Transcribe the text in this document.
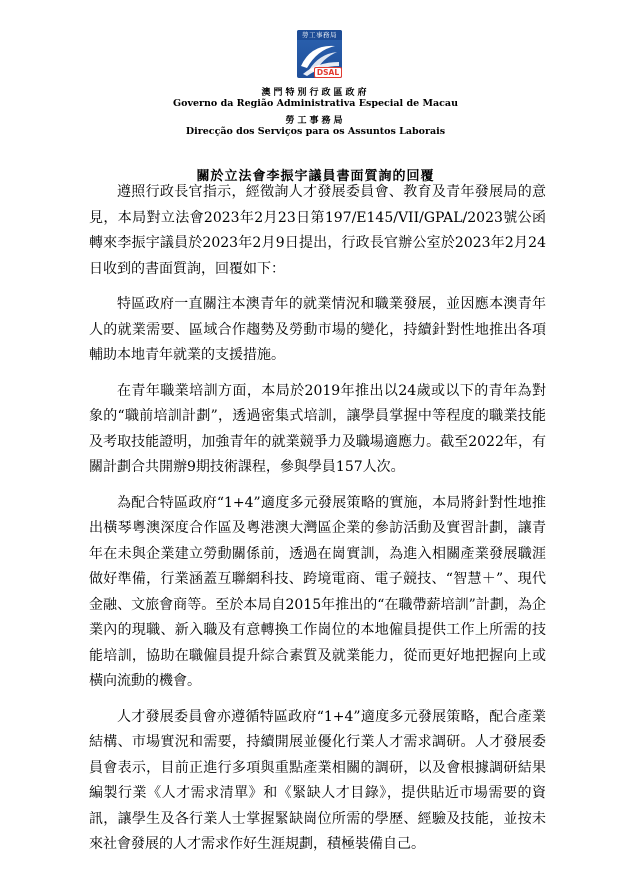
勞工事務局
DSAL
澳門特別行政區政府
Governo da Região Administrativa Especial de Macau
勞工事務局
Direcção dos Serviços para os Assuntos Laborais
關於立法會李振宇議員書面質詢的回覆

遵照行政長官指示，經徵詢人才發展委員會、教育及青年發展局的意見，本局對立法會2023年2月23日第197/E145/VII/GPAL/2023號公函轉來李振宇議員於2023年2月9日提出，行政長官辦公室於2023年2月24日收到的書面質詢，回覆如下：

特區政府一直關注本澳青年的就業情況和職業發展，並因應本澳青年人的就業需要、區域合作趨勢及勞動市場的變化，持續針對性地推出各項輔助本地青年就業的支援措施。

在青年職業培訓方面，本局於2019年推出以24歲或以下的青年為對象的“職前培訓計劃”，透過密集式培訓，讓學員掌握中等程度的職業技能及考取技能證明，加強青年的就業競爭力及職場適應力。截至2022年，有關計劃合共開辦9期技術課程，參與學員157人次。

為配合特區政府“1+4”適度多元發展策略的實施，本局將針對性地推出橫琴粵澳深度合作區及粵港澳大灣區企業的參訪活動及實習計劃，讓青年在未與企業建立勞動關係前，透過在崗實訓，為進入相關產業發展職涯做好準備，行業涵蓋互聯網科技、跨境電商、電子競技、“智慧＋”、現代金融、文旅會商等。至於本局自2015年推出的“在職帶薪培訓”計劃，為企業內的現職、新入職及有意轉換工作崗位的本地僱員提供工作上所需的技能培訓，協助在職僱員提升綜合素質及就業能力，從而更好地把握向上或橫向流動的機會。

人才發展委員會亦遵循特區政府“1+4”適度多元發展策略，配合產業結構、市場實況和需要，持續開展並優化行業人才需求調研。人才發展委員會表示，目前正進行多項與重點產業相關的調研，以及會根據調研結果編製行業《人才需求清單》和《緊缺人才目錄》，提供貼近市場需要的資訊，讓學生及各行業人士掌握緊缺崗位所需的學歷、經驗及技能，並按未來社會發展的人才需求作好生涯規劃，積極裝備自己。
